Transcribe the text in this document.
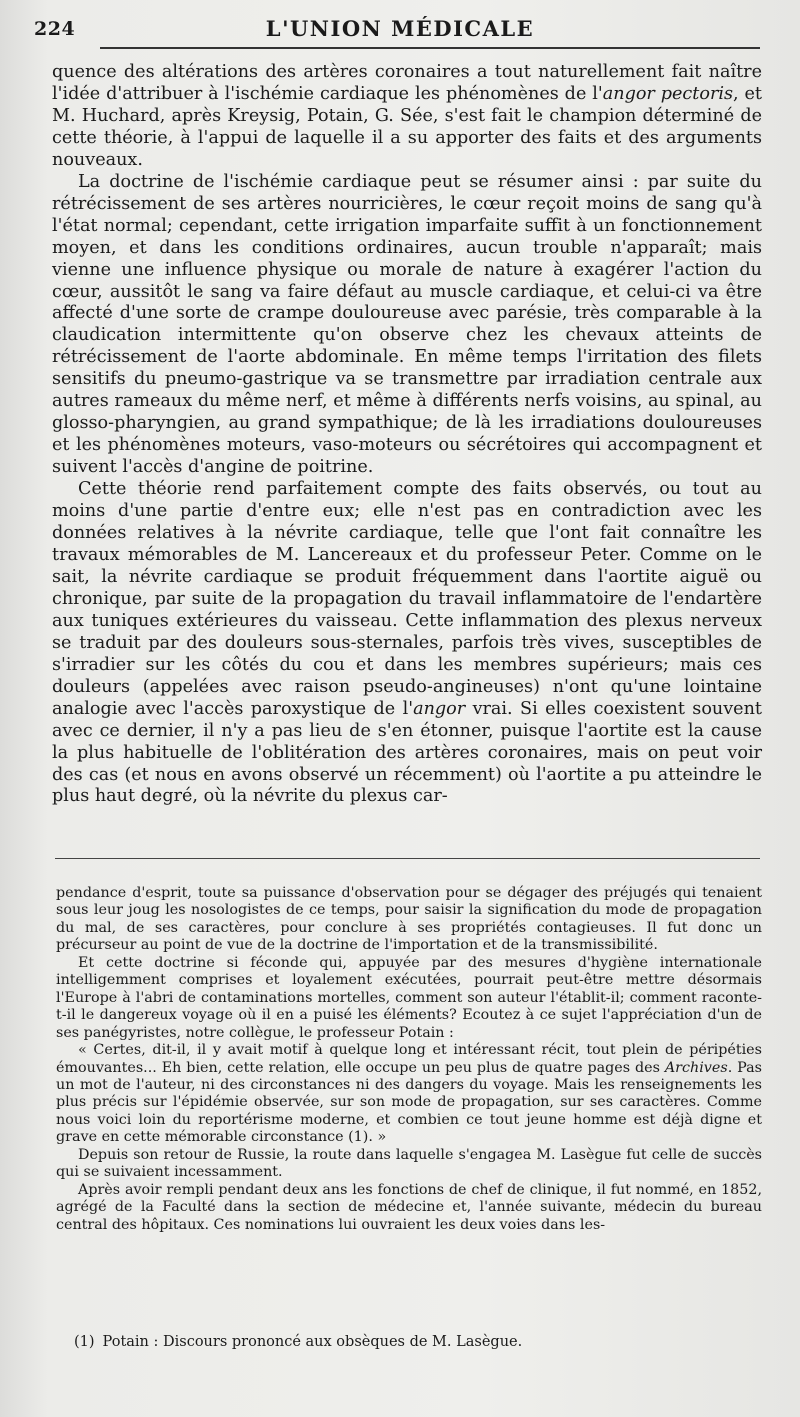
224	L'UNION MÉDICALE

quence des altérations des artères coronaires a tout naturellement fait naître l'idée d'attribuer à l'ischémie cardiaque les phénomènes de l'angor pectoris, et M. Huchard, après Kreysig, Potain, G. Sée, s'est fait le champion déterminé de cette théorie, à l'appui de laquelle il a su apporter des faits et des arguments nouveaux.

La doctrine de l'ischémie cardiaque peut se résumer ainsi : par suite du rétrécissement de ses artères nourricières, le cœur reçoit moins de sang qu'à l'état normal; cependant, cette irrigation imparfaite suffit à un fonctionnement moyen, et dans les conditions ordinaires, aucun trouble n'apparaît; mais vienne une influence physique ou morale de nature à exagérer l'action du cœur, aussitôt le sang va faire défaut au muscle cardiaque, et celui-ci va être affecté d'une sorte de crampe douloureuse avec parésie, très comparable à la claudication intermittente qu'on observe chez les chevaux atteints de rétrécissement de l'aorte abdominale. En même temps l'irritation des filets sensitifs du pneumo-gastrique va se transmettre par irradiation centrale aux autres rameaux du même nerf, et même à différents nerfs voisins, au spinal, au glosso-pharyngien, au grand sympathique; de là les irradiations douloureuses et les phénomènes moteurs, vaso-moteurs ou sécrétoires qui accompagnent et suivent l'accès d'angine de poitrine.

Cette théorie rend parfaitement compte des faits observés, ou tout au moins d'une partie d'entre eux; elle n'est pas en contradiction avec les données relatives à la névrite cardiaque, telle que l'ont fait connaître les travaux mémorables de M. Lancereaux et du professeur Peter. Comme on le sait, la névrite cardiaque se produit fréquemment dans l'aortite aiguë ou chronique, par suite de la propagation du travail inflammatoire de l'endartère aux tuniques extérieures du vaisseau. Cette inflammation des plexus nerveux se traduit par des douleurs sous-sternales, parfois très vives, susceptibles de s'irradier sur les côtés du cou et dans les membres supérieurs; mais ces douleurs (appelées avec raison pseudo-angineuses) n'ont qu'une lointaine analogie avec l'accès paroxystique de l'angor vrai. Si elles coexistent souvent avec ce dernier, il n'y a pas lieu de s'en étonner, puisque l'aortite est la cause la plus habituelle de l'oblitération des artères coronaires, mais on peut voir des cas (et nous en avons observé un récemment) où l'aortite a pu atteindre le plus haut degré, où la névrite du plexus car-

pendance d'esprit, toute sa puissance d'observation pour se dégager des préjugés qui tenaient sous leur joug les nosologistes de ce temps, pour saisir la signification du mode de propagation du mal, de ses caractères, pour conclure à ses propriétés contagieuses. Il fut donc un précurseur au point de vue de la doctrine de l'importation et de la transmissibilité.

Et cette doctrine si féconde qui, appuyée par des mesures d'hygiène internationale intelligemment comprises et loyalement exécutées, pourrait peut-être mettre désormais l'Europe à l'abri de contaminations mortelles, comment son auteur l'établit-il; comment raconte-t-il le dangereux voyage où il en a puisé les éléments? Ecoutez à ce sujet l'appréciation d'un de ses panégyristes, notre collègue, le professeur Potain :

« Certes, dit-il, il y avait motif à quelque long et intéressant récit, tout plein de péripéties émouvantes... Eh bien, cette relation, elle occupe un peu plus de quatre pages des Archives. Pas un mot de l'auteur, ni des circonstances ni des dangers du voyage. Mais les renseignements les plus précis sur l'épidémie observée, sur son mode de propagation, sur ses caractères. Comme nous voici loin du reportérisme moderne, et combien ce tout jeune homme est déjà digne et grave en cette mémorable circonstance (1). »

Depuis son retour de Russie, la route dans laquelle s'engagea M. Lasègue fut celle de succès qui se suivaient incessamment.

Après avoir rempli pendant deux ans les fonctions de chef de clinique, il fut nommé, en 1852, agrégé de la Faculté dans la section de médecine et, l'année suivante, médecin du bureau central des hôpitaux. Ces nominations lui ouvraient les deux voies dans les-

(1) Potain : Discours prononcé aux obsèques de M. Lasègue.
